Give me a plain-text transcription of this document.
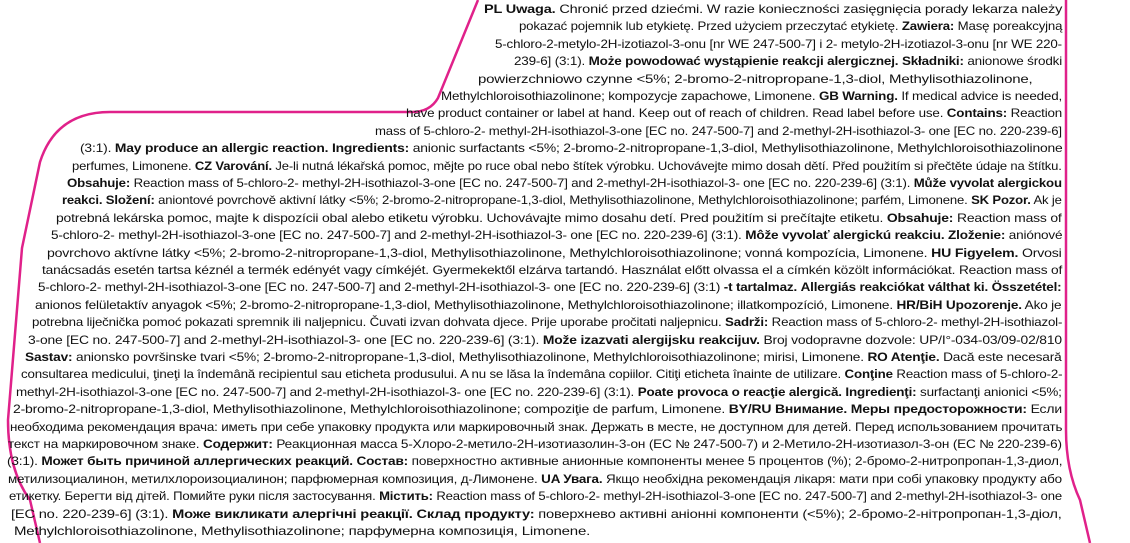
PL Uwaga. Chronić przed dziećmi. W razie konieczności zasięgnięcia porady lekarza należy
pokazać pojemnik lub etykietę. Przed użyciem przeczytać etykietę. Zawiera: Masę poreakcyjną
5-chloro-2-metylo-2H-izotiazol-3-onu [nr WE 247-500-7] i 2- metylo-2H-izotiazol-3-onu [nr WE 220-
239-6] (3:1). Może powodować wystąpienie reakcji alergicznej. Składniki: anionowe środki
powierzchniowo czynne <5%; 2-bromo-2-nitropropane-1,3-diol, Methylisothiazolinone,
Methylchloroisothiazolinone; kompozycje zapachowe, Limonene. GB Warning. If medical advice is needed,
have product container or label at hand. Keep out of reach of children. Read label before use. Contains: Reaction
mass of 5-chloro-2- methyl-2H-isothiazol-3-one [EC no. 247-500-7] and 2-methyl-2H-isothiazol-3- one [EC no. 220-239-6]
(3:1). May produce an allergic reaction. Ingredients: anionic surfactants <5%; 2-bromo-2-nitropropane-1,3-diol, Methylisothiazolinone, Methylchloroisothiazolinone
perfumes, Limonene. CZ Varování. Je-li nutná lékařská pomoc, mějte po ruce obal nebo štítek výrobku. Uchovávejte mimo dosah dětí. Před použitím si přečtěte údaje na štítku.
Obsahuje: Reaction mass of 5-chloro-2- methyl-2H-isothiazol-3-one [EC no. 247-500-7] and 2-methyl-2H-isothiazol-3- one [EC no. 220-239-6] (3:1). Může vyvolat alergickou
reakci. Složení: aniontové povrchově aktivní látky <5%; 2-bromo-2-nitropropane-1,3-diol, Methylisothiazolinone, Methylchloroisothiazolinone; parfém, Limonene. SK Pozor. Ak je
potrebná lekárska pomoc, majte k dispozícii obal alebo etiketu výrobku. Uchovávajte mimo dosahu detí. Pred použitím si prečítajte etiketu. Obsahuje: Reaction mass of
5-chloro-2- methyl-2H-isothiazol-3-one [EC no. 247-500-7] and 2-methyl-2H-isothiazol-3- one [EC no. 220-239-6] (3:1). Môže vyvolať alergickú reakciu. Zloženie: aniónové
povrchovo aktívne látky <5%; 2-bromo-2-nitropropane-1,3-diol, Methylisothiazolinone, Methylchloroisothiazolinone; vonná kompozícia, Limonene. HU Figyelem. Orvosi
tanácsadás esetén tartsa kéznél a termék edényét vagy címkéjét. Gyermekektől elzárva tartandó. Használat előtt olvassa el a címkén közölt információkat. Reaction mass of
5-chloro-2- methyl-2H-isothiazol-3-one [EC no. 247-500-7] and 2-methyl-2H-isothiazol-3- one [EC no. 220-239-6] (3:1) -t tartalmaz. Allergiás reakciókat válthat ki. Összetétel:
anionos felületaktív anyagok <5%; 2-bromo-2-nitropropane-1,3-diol, Methylisothiazolinone, Methylchloroisothiazolinone; illatkompozíció, Limonene. HR/BiH Upozorenje. Ako je
potrebna liječnička pomoć pokazati spremnik ili naljepnicu. Čuvati izvan dohvata djece. Prije uporabe pročitati naljepnicu. Sadrži: Reaction mass of 5-chloro-2- methyl-2H-isothiazol-
3-one [EC no. 247-500-7] and 2-methyl-2H-isothiazol-3- one [EC no. 220-239-6] (3:1). Može izazvati alergijsku reakcijuv. Broj vodopravne dozvole: UP/I°-034-03/09-02/810
Sastav: anionsko površinske tvari <5%; 2-bromo-2-nitropropane-1,3-diol, Methylisothiazolinone, Methylchloroisothiazolinone; mirisi, Limonene. RO Atenţie. Dacă este necesară
consultarea medicului, ţineţi la îndemână recipientul sau eticheta produsului. A nu se lăsa la îndemâna copiilor. Citiţi eticheta înainte de utilizare. Conţine Reaction mass of 5-chloro-2-
methyl-2H-isothiazol-3-one [EC no. 247-500-7] and 2-methyl-2H-isothiazol-3- one [EC no. 220-239-6] (3:1). Poate provoca o reacţie alergică. Ingredienţi: surfactanţi anionici <5%;
2-bromo-2-nitropropane-1,3-diol, Methylisothiazolinone, Methylchloroisothiazolinone; compoziţie de parfum, Limonene. BY/RU Внимание. Меры предосторожности: Если
необходима рекомендация врача: иметь при себе упаковку продукта или маркировочный знак. Держать в месте, не доступном для детей. Перед использованием прочитать
текст на маркировочном знаке. Содержит: Реакционная масса 5-Хлоро-2-метило-2Н-изотиазолин-3-он (ЕС № 247-500-7) и 2-Метило-2Н-изотиазол-3-он (ЕС № 220-239-6)
(3:1). Может быть причиной аллергических реакций. Состав: поверхностно активные анионные компоненты менее 5 процентов (%); 2-бромо-2-нитропропан-1,3-диол,
метилизоциалинон, метилхлороизоциалинон; парфюмерная композиция, д-Лимонене. UA Увага. Якщо необхідна рекомендація лікаря: мати при собі упаковку продукту або
етикетку. Берегти від дітей. Помийте руки після застосування. Містить: Reaction mass of 5-chloro-2- methyl-2H-isothiazol-3-one [EC no. 247-500-7] and 2-methyl-2H-isothiazol-3- one
[EC no. 220-239-6] (3:1). Може викликати алергічні реакції. Склад продукту: поверхнево активні аніонні компоненти (<5%); 2-бромо-2-нітропропан-1,3-діол,
Methylchloroisothiazolinone, Methylisothiazolinone; парфумерна композиція, Limonene.
